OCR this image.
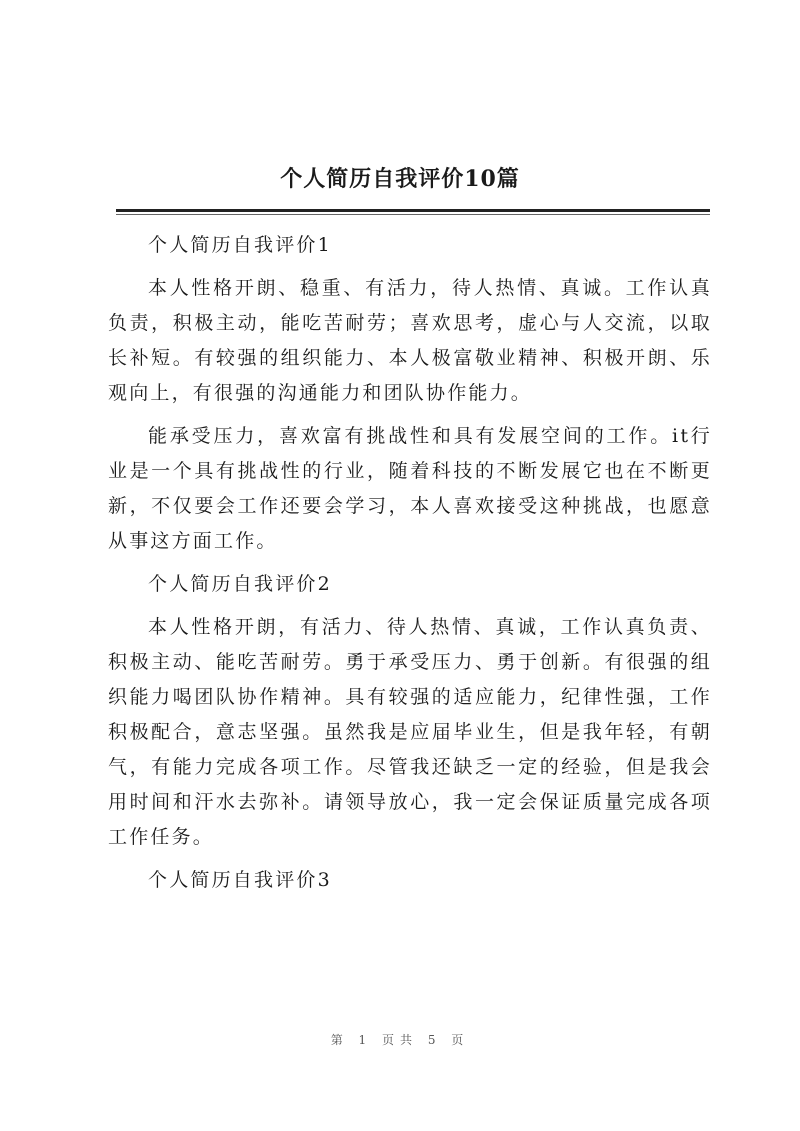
个人简历自我评价10篇

个人简历自我评价1

本人性格开朗、稳重、有活力，待人热情、真诚。工作认真负责，积极主动，能吃苦耐劳；喜欢思考，虚心与人交流，以取长补短。有较强的组织能力、本人极富敬业精神、积极开朗、乐观向上，有很强的沟通能力和团队协作能力。

能承受压力，喜欢富有挑战性和具有发展空间的工作。it行业是一个具有挑战性的行业，随着科技的不断发展它也在不断更新，不仅要会工作还要会学习，本人喜欢接受这种挑战，也愿意从事这方面工作。

个人简历自我评价2

本人性格开朗，有活力、待人热情、真诚，工作认真负责、积极主动、能吃苦耐劳。勇于承受压力、勇于创新。有很强的组织能力喝团队协作精神。具有较强的适应能力，纪律性强，工作积极配合，意志坚强。虽然我是应届毕业生，但是我年轻，有朝气，有能力完成各项工作。尽管我还缺乏一定的经验，但是我会用时间和汗水去弥补。请领导放心，我一定会保证质量完成各项工作任务。

个人简历自我评价3

第 1 页共 5 页
